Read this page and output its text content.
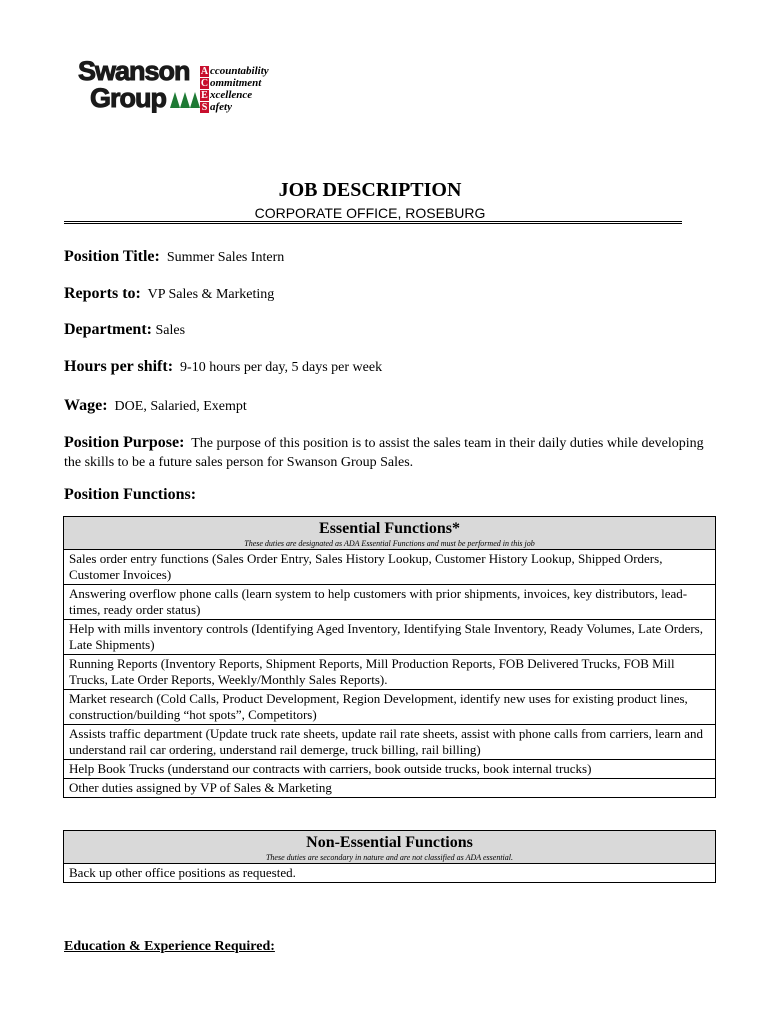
Swanson
Group
A ccountability
C ommitment
E xcellence
S afety
JOB DESCRIPTION
CORPORATE OFFICE, ROSEBURG
Position Title: Summer Sales Intern
Reports to: VP Sales & Marketing
Department: Sales
Hours per shift: 9-10 hours per day, 5 days per week
Wage: DOE, Salaried, Exempt
Position Purpose: The purpose of this position is to assist the sales team in their daily duties while developing the skills to be a future sales person for Swanson Group Sales.
Position Functions:
Essential Functions*
These duties are designated as ADA Essential Functions and must be performed in this job

Sales order entry functions (Sales Order Entry, Sales History Lookup, Customer History Lookup, Shipped Orders, Customer Invoices)
Answering overflow phone calls (learn system to help customers with prior shipments, invoices, key distributors, lead-times, ready order status)
Help with mills inventory controls (Identifying Aged Inventory, Identifying Stale Inventory, Ready Volumes, Late Orders, Late Shipments)
Running Reports (Inventory Reports, Shipment Reports, Mill Production Reports, FOB Delivered Trucks, FOB Mill Trucks, Late Order Reports, Weekly/Monthly Sales Reports).
Market research (Cold Calls, Product Development, Region Development, identify new uses for existing product lines, construction/building “hot spots”, Competitors)
Assists traffic department (Update truck rate sheets, update rail rate sheets, assist with phone calls from carriers, learn and understand rail car ordering, understand rail demerge, truck billing, rail billing)
Help Book Trucks (understand our contracts with carriers, book outside trucks, book internal trucks)
Other duties assigned by VP of Sales & Marketing
Non-Essential Functions
These duties are secondary in nature and are not classified as ADA essential.

Back up other office positions as requested.
Education & Experience Required:
